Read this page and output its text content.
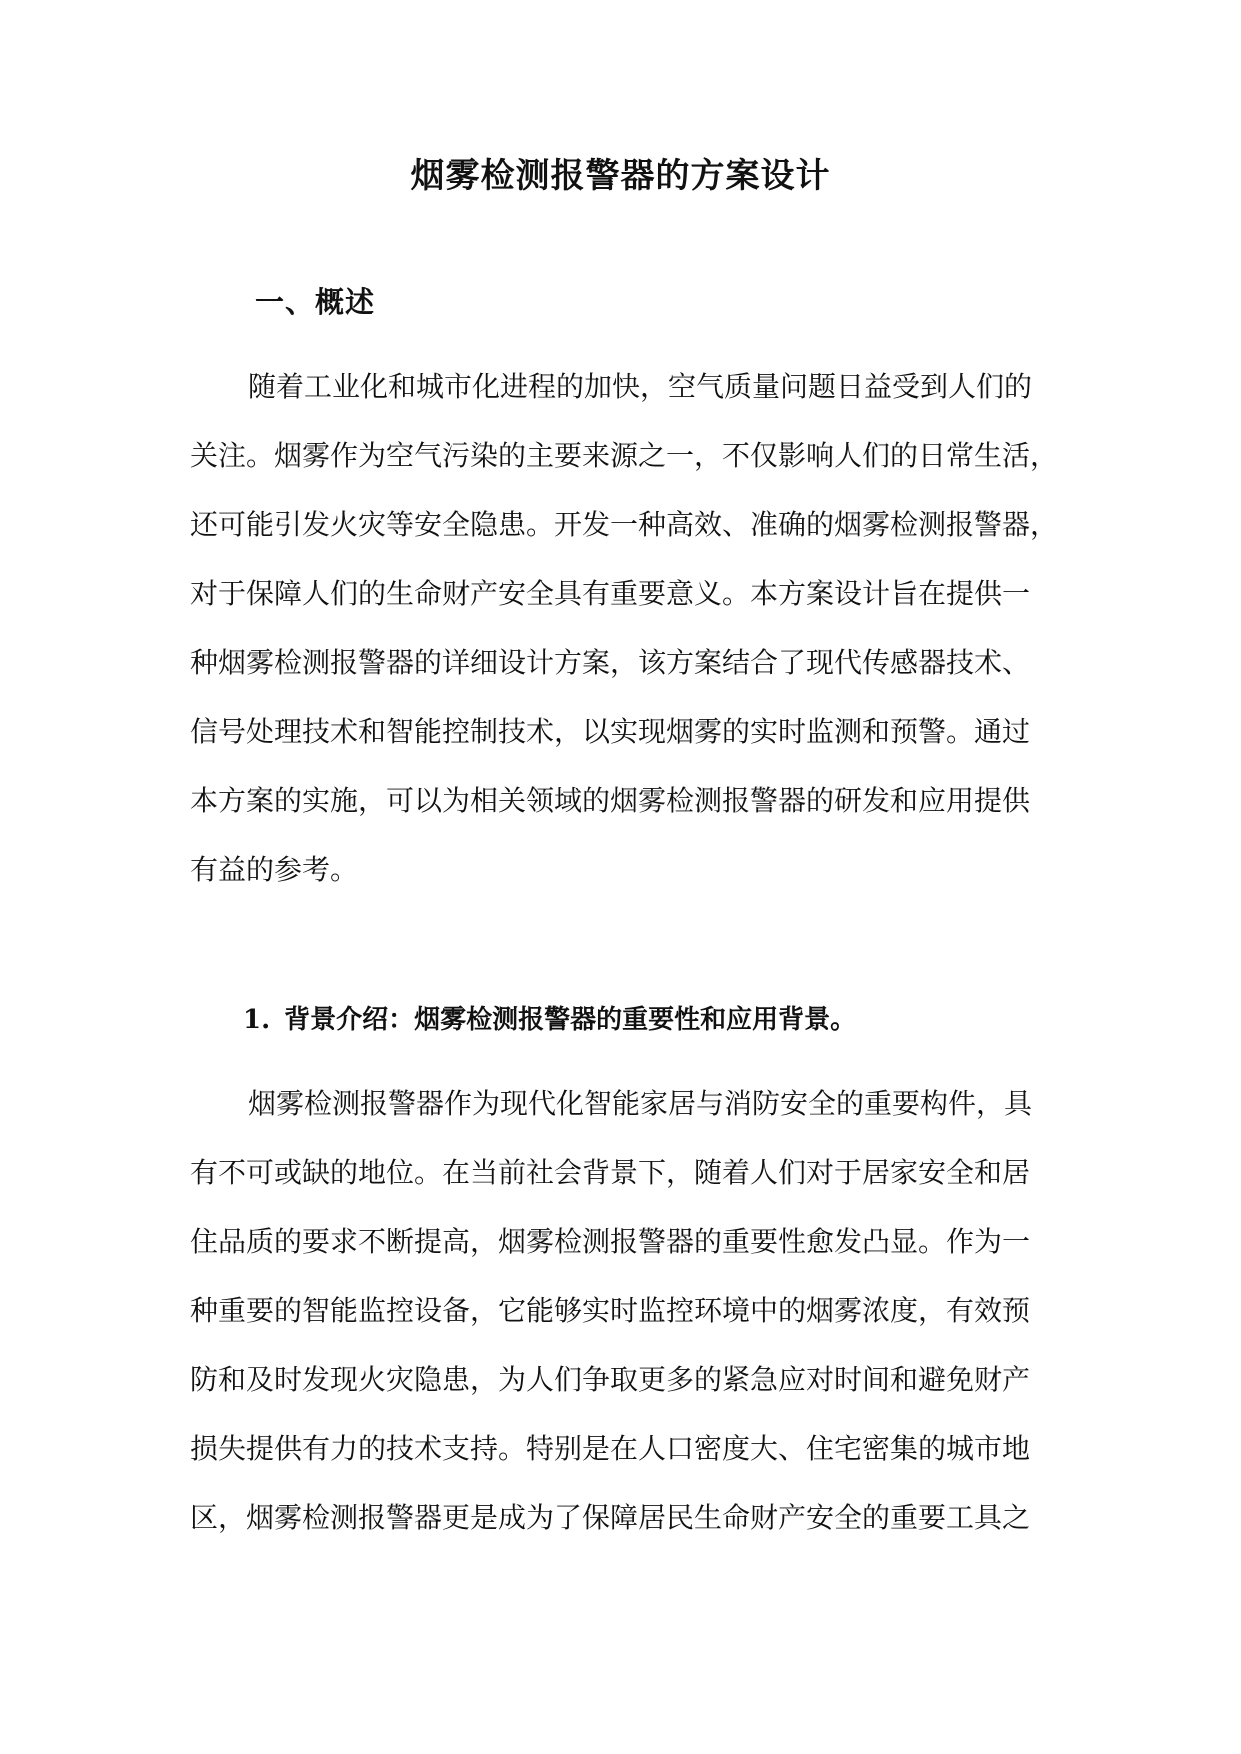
烟雾检测报警器的方案设计
一、概述
随着工业化和城市化进程的加快，空气质量问题日益受到人们的
关注。烟雾作为空气污染的主要来源之一，不仅影响人们的日常生活，
还可能引发火灾等安全隐患。开发一种高效、准确的烟雾检测报警器，
对于保障人们的生命财产安全具有重要意义。本方案设计旨在提供一
种烟雾检测报警器的详细设计方案，该方案结合了现代传感器技术、
信号处理技术和智能控制技术，以实现烟雾的实时监测和预警。通过
本方案的实施，可以为相关领域的烟雾检测报警器的研发和应用提供
有益的参考。
1. 背景介绍：烟雾检测报警器的重要性和应用背景。
烟雾检测报警器作为现代化智能家居与消防安全的重要构件，具
有不可或缺的地位。在当前社会背景下，随着人们对于居家安全和居
住品质的要求不断提高，烟雾检测报警器的重要性愈发凸显。作为一
种重要的智能监控设备，它能够实时监控环境中的烟雾浓度，有效预
防和及时发现火灾隐患，为人们争取更多的紧急应对时间和避免财产
损失提供有力的技术支持。特别是在人口密度大、住宅密集的城市地
区，烟雾检测报警器更是成为了保障居民生命财产安全的重要工具之
